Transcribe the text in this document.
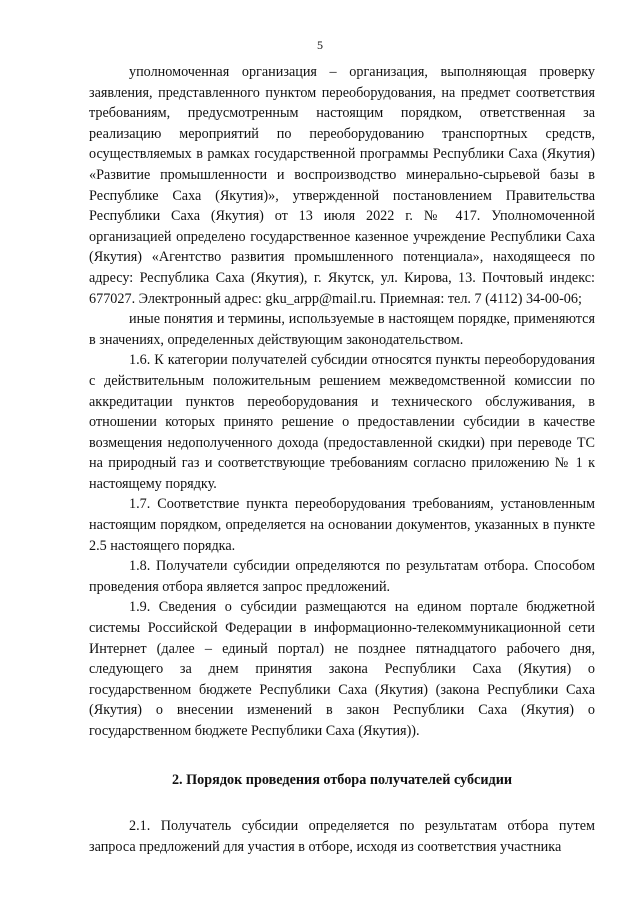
5

уполномоченная организация – организация, выполняющая проверку заявления, представленного пунктом переоборудования, на предмет соответствия требованиям, предусмотренным настоящим порядком, ответственная за реализацию мероприятий по переоборудованию транспортных средств, осуществляемых в рамках государственной программы Республики Саха (Якутия) «Развитие промышленности и воспроизводство минерально-сырьевой базы в Республике Саха (Якутия)», утвержденной постановлением Правительства Республики Саха (Якутия) от 13 июля 2022 г. № 417. Уполномоченной организацией определено государственное казенное учреждение Республики Саха (Якутия) «Агентство развития промышленного потенциала», находящееся по адресу: Республика Саха (Якутия), г. Якутск, ул. Кирова, 13. Почтовый индекс: 677027. Электронный адрес: gku_arpp@mail.ru. Приемная: тел. 7 (4112) 34-00-06;

иные понятия и термины, используемые в настоящем порядке, применяются в значениях, определенных действующим законодательством.

1.6. К категории получателей субсидии относятся пункты переоборудования с действительным положительным решением межведомственной комиссии по аккредитации пунктов переоборудования и технического обслуживания, в отношении которых принято решение о предоставлении субсидии в качестве возмещения недополученного дохода (предоставленной скидки) при переводе ТС на природный газ и соответствующие требованиям согласно приложению № 1 к настоящему порядку.

1.7. Соответствие пункта переоборудования требованиям, установленным настоящим порядком, определяется на основании документов, указанных в пункте 2.5 настоящего порядка.

1.8. Получатели субсидии определяются по результатам отбора. Способом проведения отбора является запрос предложений.

1.9. Сведения о субсидии размещаются на едином портале бюджетной системы Российской Федерации в информационно-телекоммуникационной сети Интернет (далее – единый портал) не позднее пятнадцатого рабочего дня, следующего за днем принятия закона Республики Саха (Якутия) о государственном бюджете Республики Саха (Якутия) (закона Республики Саха (Якутия) о внесении изменений в закон Республики Саха (Якутия) о государственном бюджете Республики Саха (Якутия)).

2. Порядок проведения отбора получателей субсидии

2.1. Получатель субсидии определяется по результатам отбора путем запроса предложений для участия в отборе, исходя из соответствия участника
